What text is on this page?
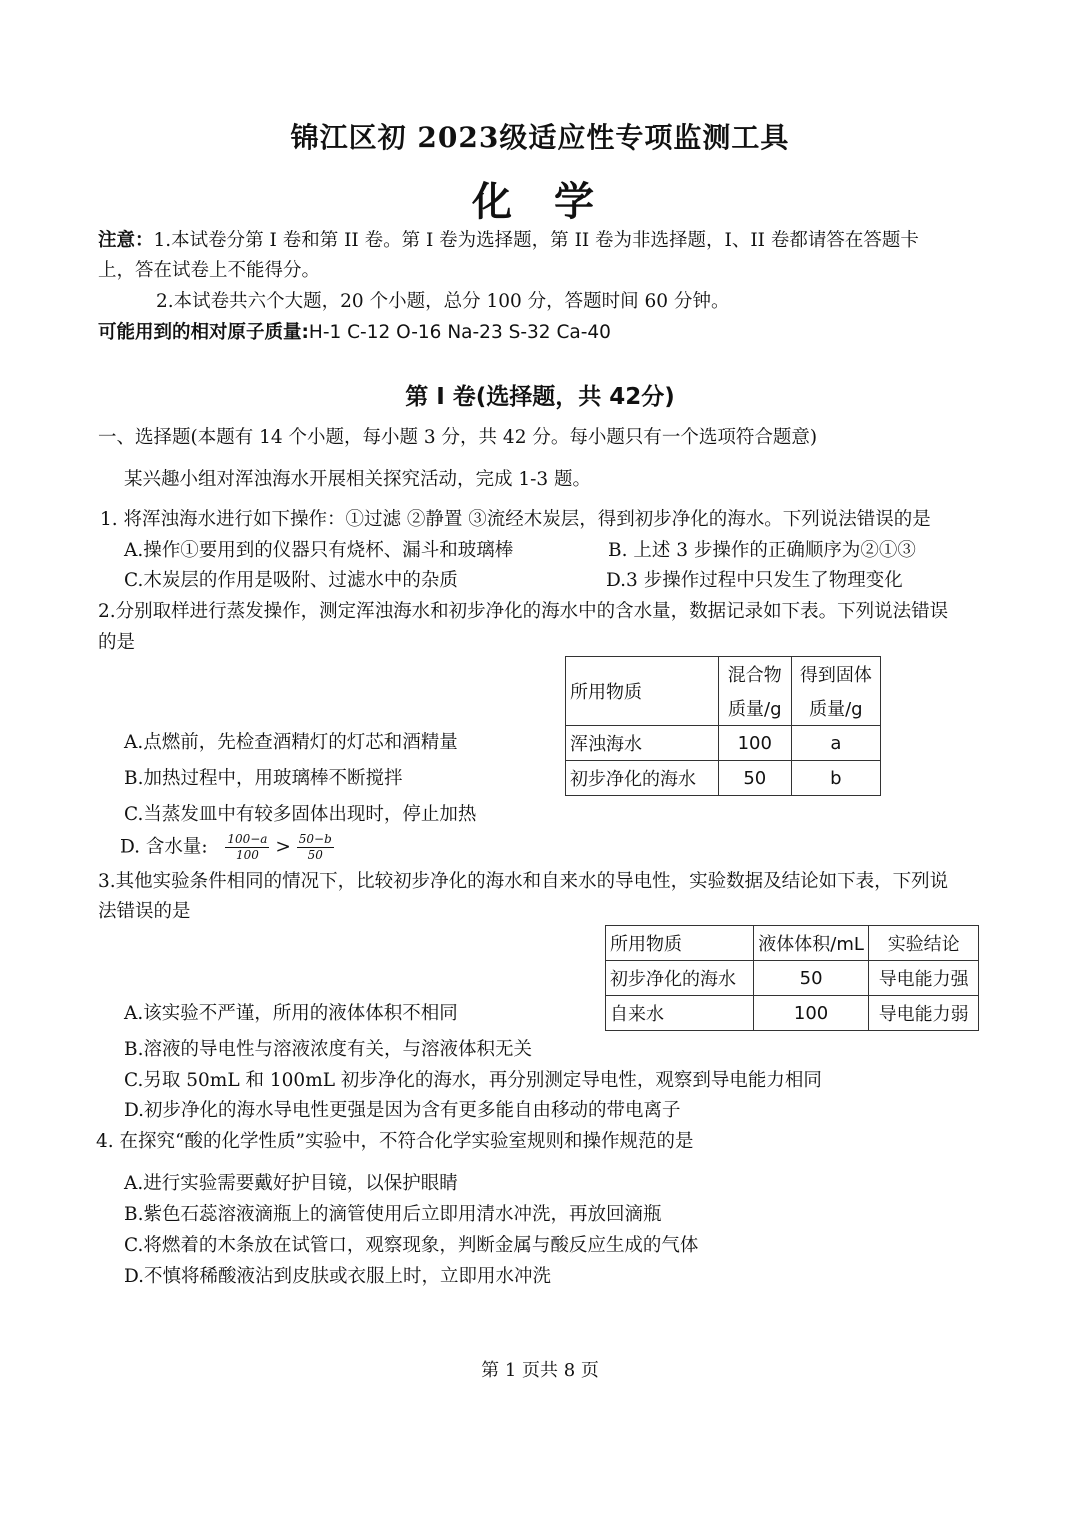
锦江区初 2023级适应性专项监测工具
化 学
注意：1.本试卷分第 I 卷和第 II 卷。第 I 卷为选择题，第 II 卷为非选择题，I、II 卷都请答在答题卡
上，答在试卷上不能得分。
2.本试卷共六个大题，20 个小题，总分 100 分，答题时间 60 分钟。
可能用到的相对原子质量:H-1 C-12 O-16 Na-23 S-32 Ca-40
第 Ⅰ 卷(选择题，共 42分)
一、选择题(本题有 14 个小题，每小题 3 分，共 42 分。每小题只有一个选项符合题意)
某兴趣小组对浑浊海水开展相关探究活动，完成 1-3 题。
1. 将浑浊海水进行如下操作：①过滤 ②静置 ③流经木炭层，得到初步净化的海水。下列说法错误的是
A.操作①要用到的仪器只有烧杯、漏斗和玻璃棒	B. 上述 3 步操作的正确顺序为②①③
C.木炭层的作用是吸附、过滤水中的杂质	D.3 步操作过程中只发生了物理变化
2.分别取样进行蒸发操作，测定浑浊海水和初步净化的海水中的含水量，数据记录如下表。下列说法错误
的是
所用物质	混合物	得到固体
	质量/g	质量/g
浑浊海水	100	a
初步净化的海水	50	b
A.点燃前，先检查酒精灯的灯芯和酒精量
B.加热过程中，用玻璃棒不断搅拌
C.当蒸发皿中有较多固体出现时，停止加热
D. 含水量: $\frac{100-a}{100} > \frac{50-b}{50}$
3.其他实验条件相同的情况下，比较初步净化的海水和自来水的导电性，实验数据及结论如下表，下列说
法错误的是
所用物质	液体体积/mL	实验结论
初步净化的海水	50	导电能力强
自来水	100	导电能力弱
A.该实验不严谨，所用的液体体积不相同
B.溶液的导电性与溶液浓度有关，与溶液体积无关
C.另取 50mL 和 100mL 初步净化的海水，再分别测定导电性，观察到导电能力相同
D.初步净化的海水导电性更强是因为含有更多能自由移动的带电离子
4. 在探究“酸的化学性质”实验中，不符合化学实验室规则和操作规范的是
A.进行实验需要戴好护目镜，以保护眼睛
B.紫色石蕊溶液滴瓶上的滴管使用后立即用清水冲洗，再放回滴瓶
C.将燃着的木条放在试管口，观察现象，判断金属与酸反应生成的气体
D.不慎将稀酸液沾到皮肤或衣服上时，立即用水冲洗
第 1 页共 8 页
